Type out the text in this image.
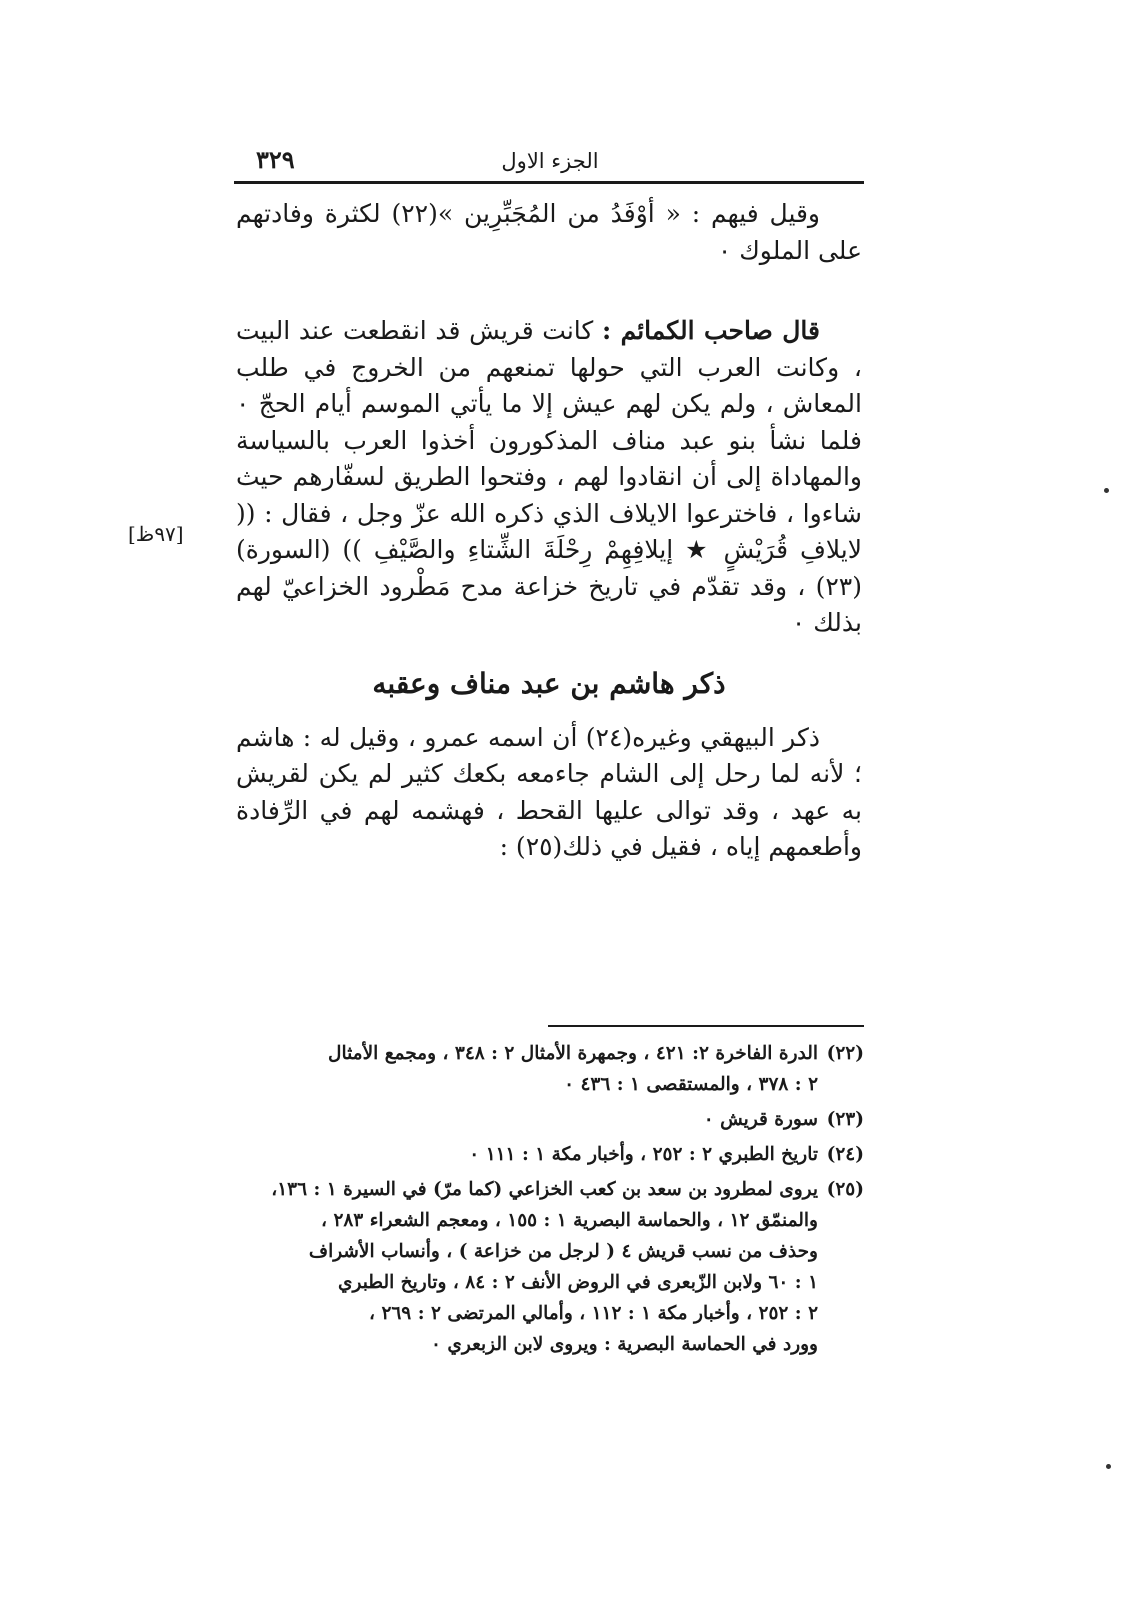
الجزء الاول
٣٢٩
[٩٧ظ]

وقيل فيهم : « أوْفَدُ من المُجَبِّرِين »(٢٢) لكثرة وفادتهم على الملوك ٠

قال صاحب الكمائم : كانت قريش قد انقطعت عند البيت ، وكانت العرب التي حولها تمنعهم من الخروج في طلب المعاش ، ولم يكن لهم عيش إلا ما يأتي الموسم أيام الحجّ ٠ فلما نشأ بنو عبد مناف المذكورون أخذوا العرب بالسياسة والمهاداة إلى أن انقادوا لهم ، وفتحوا الطريق لسفّارهم حيث شاءوا ، فاخترعوا الايلاف الذي ذكره الله عزّ وجل ، فقال : (( لايلافِ قُرَيْشٍ ★ إيلافِهِمْ رِحْلَةَ الشِّتاءِ والصَّيْفِ )) (السورة)(٢٣) ، وقد تقدّم في تاريخ خزاعة مدح مَطْرود الخزاعيّ لهم بذلك ٠

ذكر هاشم بن عبد مناف وعقبه

ذكر البيهقي وغيره(٢٤) أن اسمه عمرو ، وقيل له : هاشم ؛ لأنه لما رحل إلى الشام جاءمعه بكعك كثير لم يكن لقريش به عهد ، وقد توالى عليها القحط ، فهشمه لهم في الرِّفادة وأطعمهم إياه ، فقيل في ذلك(٢٥) :

(٢٢)
الدرة الفاخرة ٢: ٤٢١ ، وجمهرة الأمثال ٢ : ٣٤٨ ، ومجمع الأمثال
٢ : ٣٧٨ ، والمستقصى ١ : ٤٣٦ ٠
(٢٣)
سورة قريش ٠
(٢٤)
تاريخ الطبري ٢ : ٢٥٢ ، وأخبار مكة ١ : ١١١ ٠
(٢٥)
يروى لمطرود بن سعد بن كعب الخزاعي (كما مرّ) في السيرة ١ : ١٣٦،
والمنمّق ١٢ ، والحماسة البصرية ١ : ١٥٥ ، ومعجم الشعراء ٢٨٣ ،
وحذف من نسب قريش ٤ ( لرجل من خزاعة ) ، وأنساب الأشراف
١ : ٦٠ ولابن الزّبعرى في الروض الأنف ٢ : ٨٤ ، وتاريخ الطبري
٢ : ٢٥٢ ، وأخبار مكة ١ : ١١٢ ، وأمالي المرتضى ٢ : ٢٦٩ ،
وورد في الحماسة البصرية : ويروى لابن الزبعري ٠
